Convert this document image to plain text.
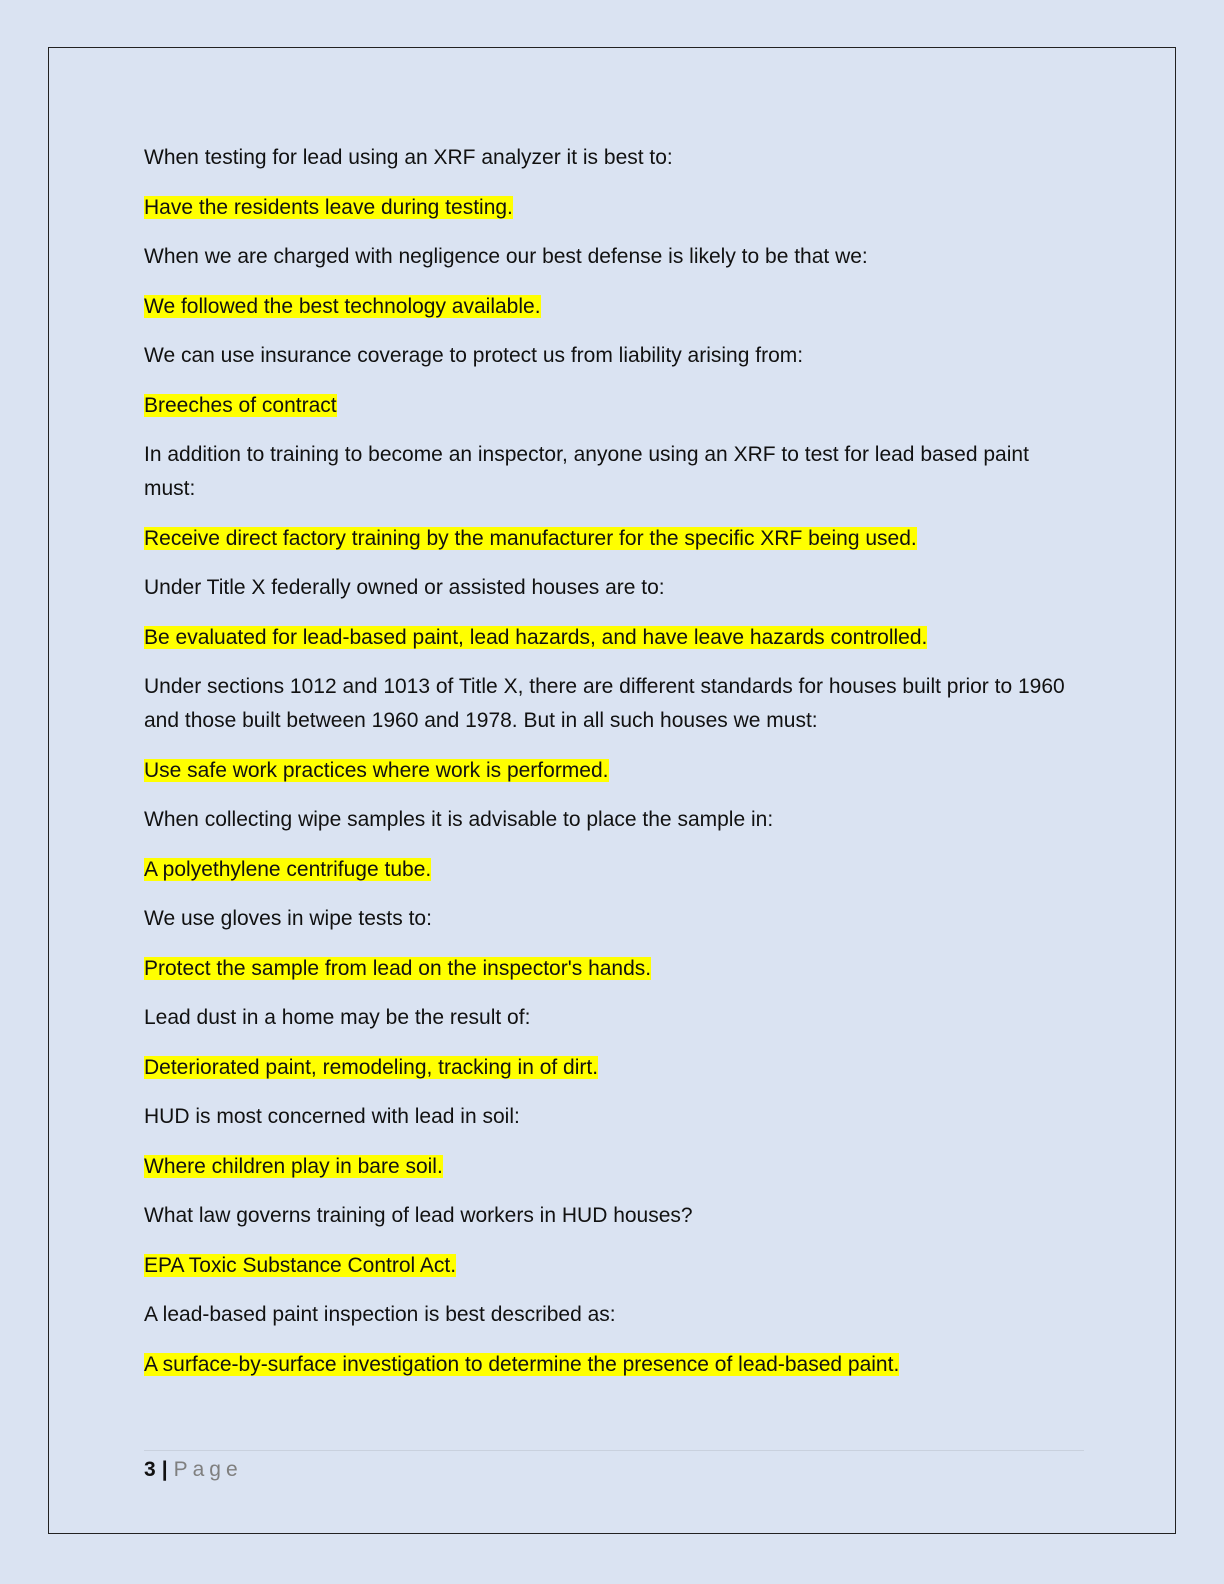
When testing for lead using an XRF analyzer it is best to:

Have the residents leave during testing.

When we are charged with negligence our best defense is likely to be that we:

We followed the best technology available.

We can use insurance coverage to protect us from liability arising from:

Breeches of contract

In addition to training to become an inspector, anyone using an XRF to test for lead based paint must:

Receive direct factory training by the manufacturer for the specific XRF being used.

Under Title X federally owned or assisted houses are to:

Be evaluated for lead-based paint, lead hazards, and have leave hazards controlled.

Under sections 1012 and 1013 of Title X, there are different standards for houses built prior to 1960 and those built between 1960 and 1978. But in all such houses we must:

Use safe work practices where work is performed.

When collecting wipe samples it is advisable to place the sample in:

A polyethylene centrifuge tube.

We use gloves in wipe tests to:

Protect the sample from lead on the inspector's hands.

Lead dust in a home may be the result of:

Deteriorated paint, remodeling, tracking in of dirt.

HUD is most concerned with lead in soil:

Where children play in bare soil.

What law governs training of lead workers in HUD houses?

EPA Toxic Substance Control Act.

A lead-based paint inspection is best described as:

A surface-by-surface investigation to determine the presence of lead-based paint.

3 | Page
